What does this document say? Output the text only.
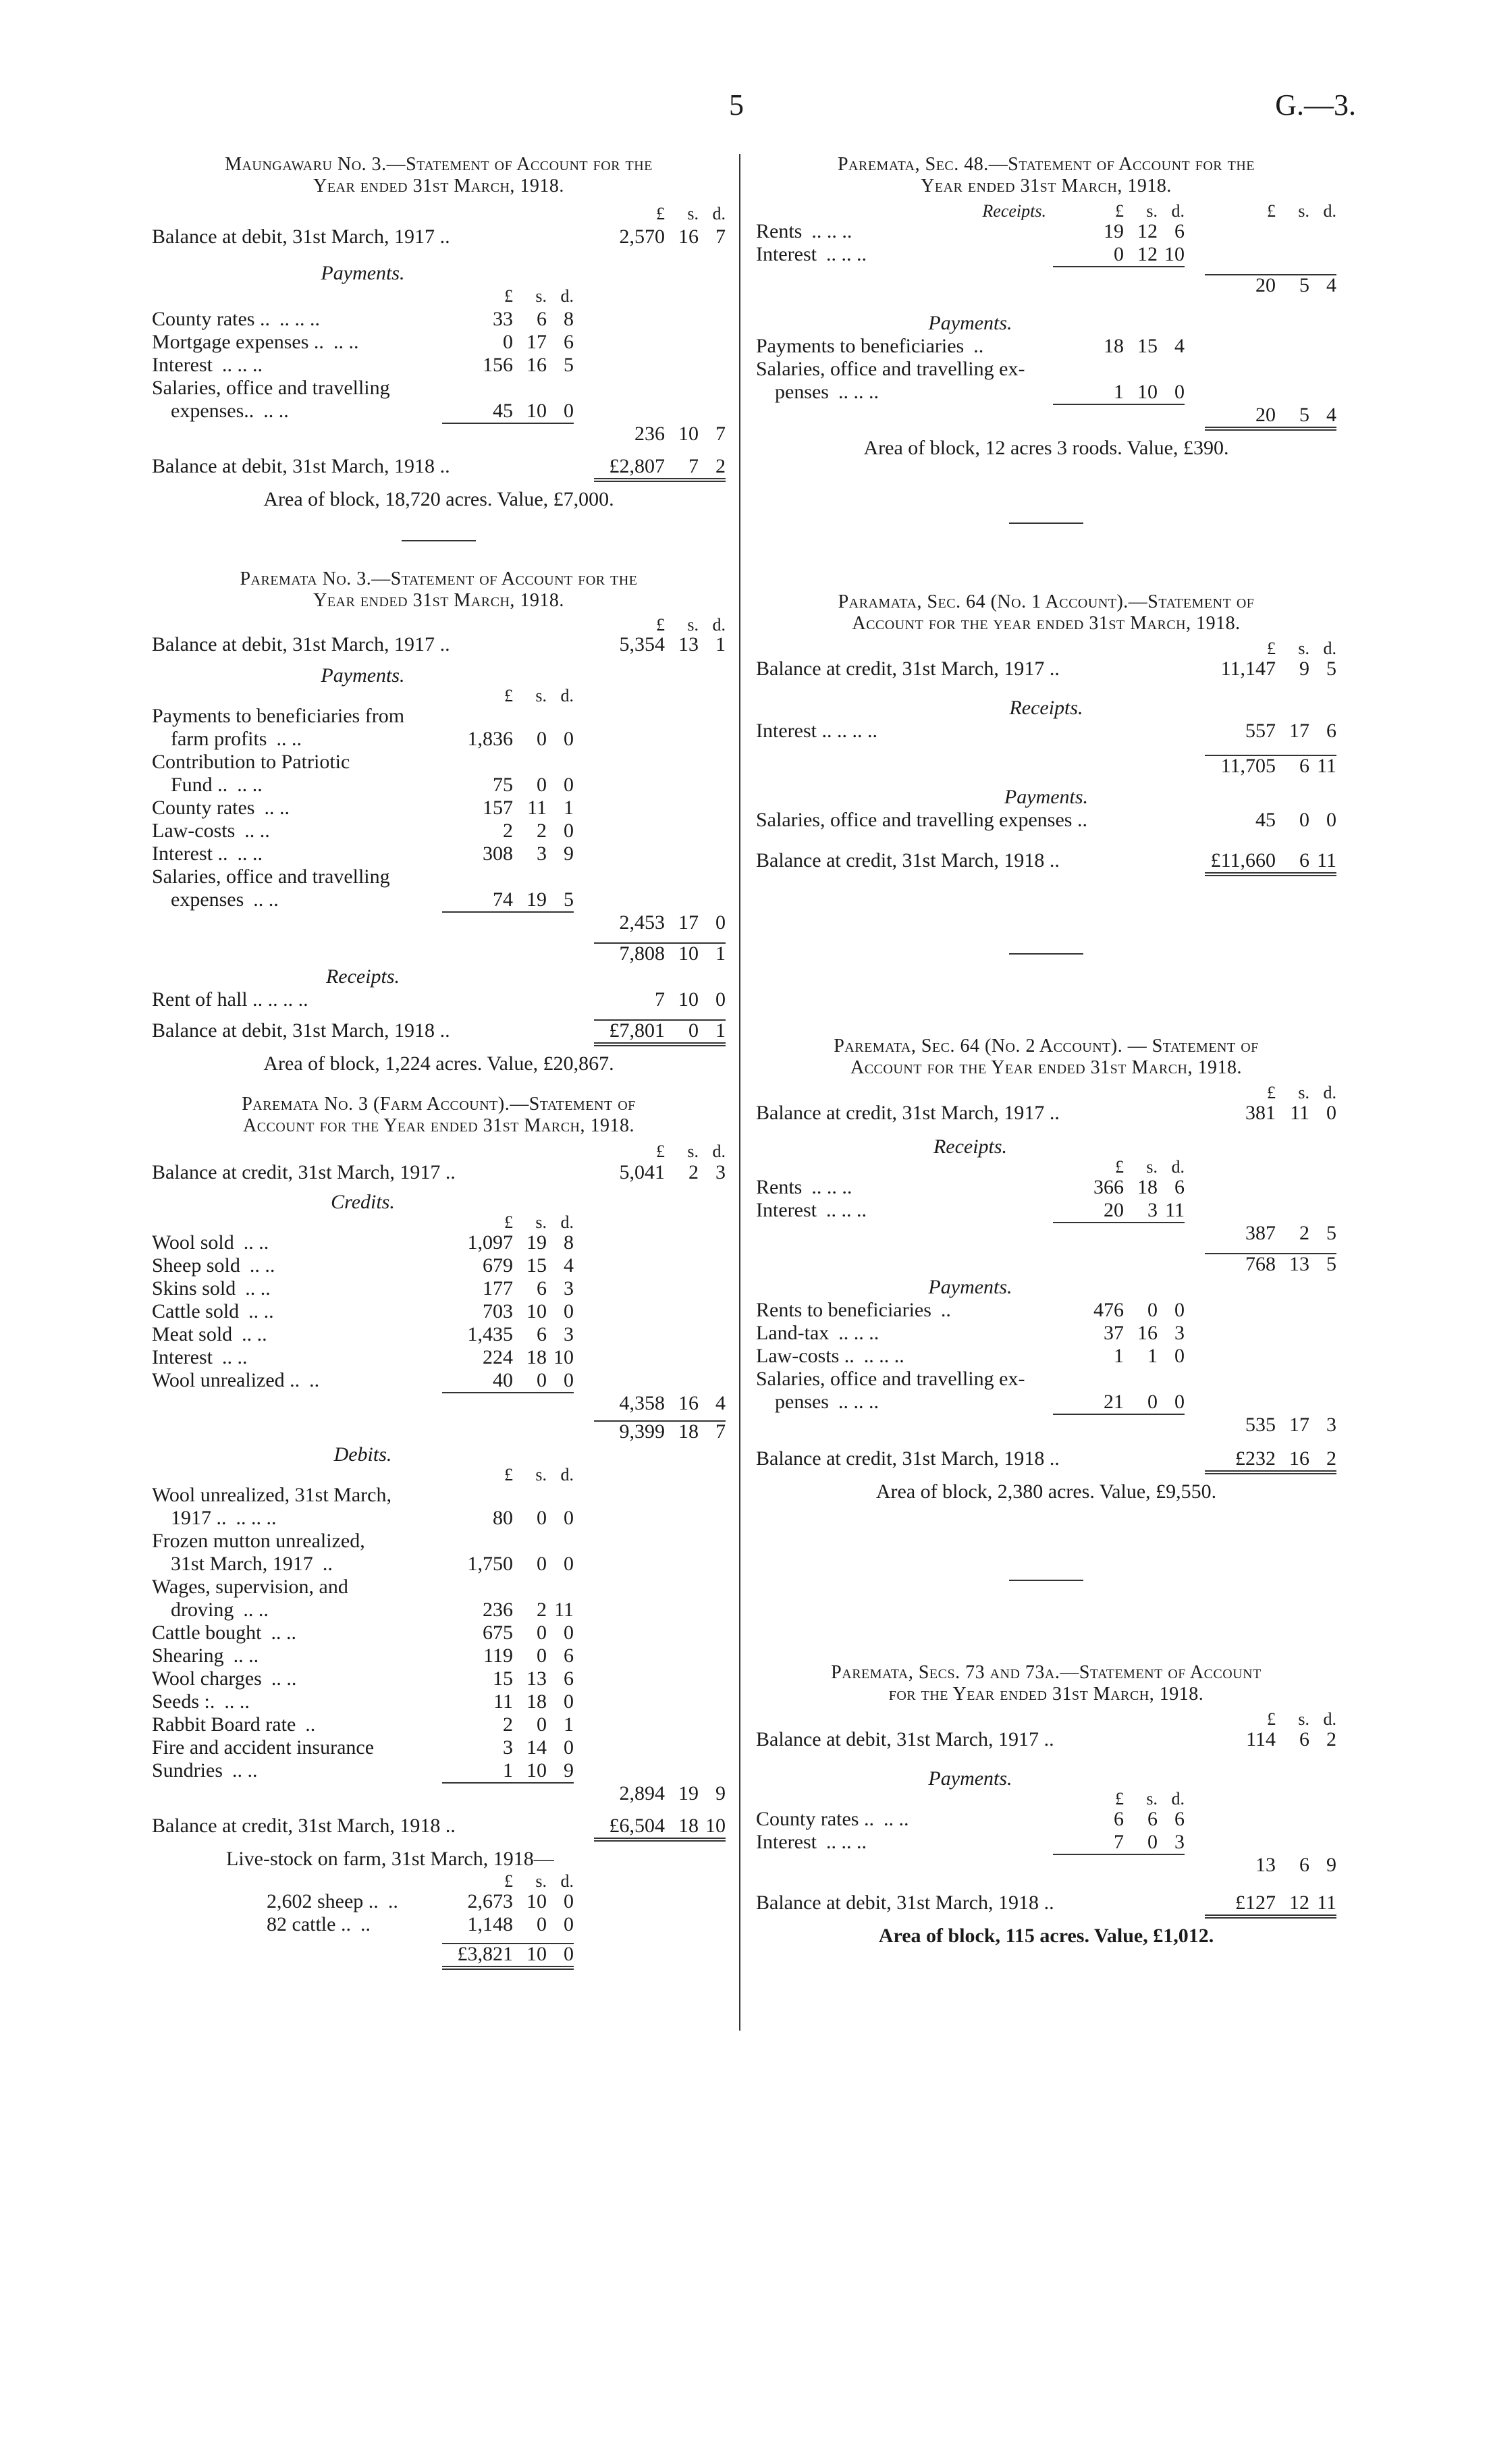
5	G.—3.
Maungawaru No. 3.—Statement of Account for the
Year ended 31st March, 1918.
£	s. d.
Balance at debit, 31st March, 1917 ..	2,570 16 7
Payments.
£	s. d.
County rates .. .. .. ..	33	6 8
Mortgage expenses .. .. ..	0 17 6
Interest .. .. ..	156 16 5
Salaries, office and travelling
expenses.. .. ..	45 10 0
236 10 7
Balance at debit, 31st March, 1918 ..	£2,807	7 2
Area of block, 18,720 acres. Value, £7,000.
Paremata No. 3.—Statement of Account for the
Year ended 31st March, 1918.
£	s. d.
Balance at debit, 31st March, 1917 ..	5,354 13 1
Payments.
£	s. d.
Payments to beneficiaries from
farm profits .. ..	1,836	0 0
Contribution to Patriotic
Fund .. .. ..	75	0 0
County rates .. ..	157 11 1
Law-costs .. ..	2	2 0
Interest .. .. ..	308	3 9
Salaries, office and travelling
expenses .. ..	74 19 5
2,453 17 0
7,808 10 1
Receipts.
Rent of hall .. .. .. ..	7 10 0
Balance at debit, 31st March, 1918 ..	£7,801	0 1
Area of block, 1,224 acres. Value, £20,867.
Paremata No. 3 (Farm Account).—Statement of
Account for the Year ended 31st March, 1918.
£	s. d.
Balance at credit, 31st March, 1917 ..	5,041	2 3
Credits.
£	s. d.
Wool sold .. ..	1,097 19 8
Sheep sold .. ..	679 15 4
Skins sold .. ..	177	6 3
Cattle sold .. ..	703 10 0
Meat sold .. ..	1,435	6 3
Interest .. ..	224 18 10
Wool unrealized .. ..	40	0 0
4,358 16 4
9,399 18 7
Debits.
£	s. d.
Wool unrealized, 31st March,
1917 .. .. .. ..	80	0 0
Frozen mutton unrealized,
31st March, 1917 ..	1,750	0 0
Wages, supervision, and
droving .. ..	236	2 11
Cattle bought .. ..	675	0 0
Shearing .. ..	119	0 6
Wool charges .. ..	15 13 6
Seeds :. .. ..	11 18 0
Rabbit Board rate ..	2	0 1
Fire and accident insurance	3 14 0
Sundries .. ..	1 10 9
2,894 19 9
Balance at credit, 31st March, 1918 ..	£6,504 18 10
Live-stock on farm, 31st March, 1918—
£	s. d.
2,602 sheep .. ..	2,673 10 0
82 cattle .. ..	1,148	0 0
£3,821 10 0
Paremata, Sec. 48.—Statement of Account for the
Year ended 31st March, 1918.
Receipts.	£	s. d.	£	s. d.
Rents .. .. ..	19 12 6
Interest .. .. ..	0 12 10
20	5 4
Payments.
Payments to beneficiaries ..	18 15 4
Salaries, office and travelling ex-
penses .. .. ..	1 10 0
20	5 4
Area of block, 12 acres 3 roods. Value, £390.
Paramata, Sec. 64 (No. 1 Account).—Statement of
Account for the year ended 31st March, 1918.
£	s. d.
Balance at credit, 31st March, 1917 ..	11,147	9 5
Receipts.
Interest .. .. .. ..	557 17 6
11,705	6 11
Payments.
Salaries, office and travelling expenses ..	45	0 0
Balance at credit, 31st March, 1918 ..	£11,660	6 11
Paremata, Sec. 64 (No. 2 Account). — Statement of
Account for the Year ended 31st March, 1918.
£	s. d.
Balance at credit, 31st March, 1917 ..	381 11 0
Receipts.
£	s. d.
Rents .. .. ..	366 18 6
Interest .. .. ..	20	3 11
387	2 5
768 13 5
Payments.
Rents to beneficiaries ..	476	0 0
Land-tax .. .. ..	37 16 3
Law-costs .. .. .. ..	1	1 0
Salaries, office and travelling ex-
penses .. .. ..	21	0 0
535 17 3
Balance at credit, 31st March, 1918 ..	£232 16 2
Area of block, 2,380 acres. Value, £9,550.
Paremata, Secs. 73 and 73a.—Statement of Account
for the Year ended 31st March, 1918.
£	s. d.
Balance at debit, 31st March, 1917 ..	114	6 2
Payments.
£	s. d.
County rates .. .. ..	6	6 6
Interest .. .. ..	7	0 3
13	6 9
Balance at debit, 31st March, 1918 ..	£127 12 11
Area of block, 115 acres. Value, £1,012.
